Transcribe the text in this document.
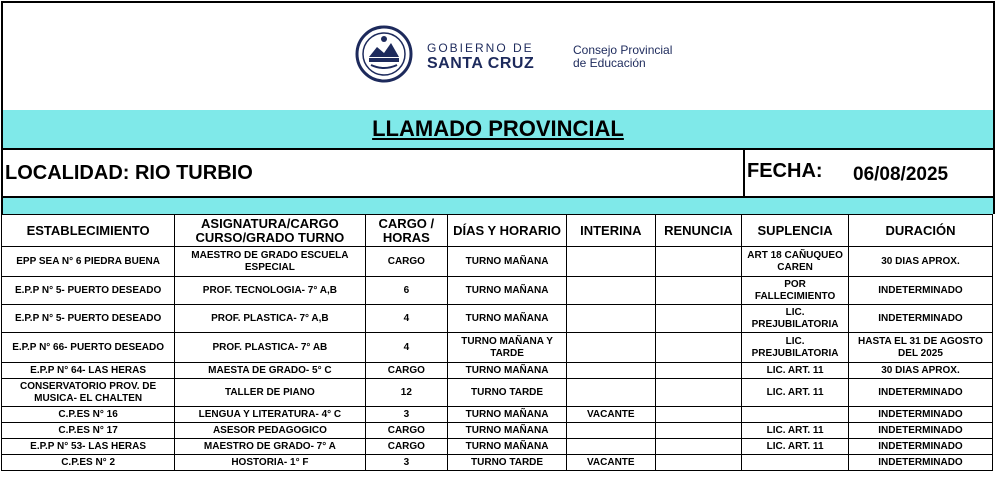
GOBIERNO DE
SANTA CRUZ
Consejo Provincial
de Educación
LLAMADO PROVINCIAL
LOCALIDAD: RIO TURBIO	FECHA: 06/08/2025
ESTABLECIMIENTO	ASIGNATURA/CARGO CURSO/GRADO TURNO	CARGO / HORAS	DÍAS Y HORARIO	INTERINA	RENUNCIA	SUPLENCIA	DURACIÓN
EPP SEA N° 6 PIEDRA BUENA	MAESTRO DE GRADO ESCUELA ESPECIAL	CARGO	TURNO MAÑANA			ART 18 CAÑUQUEO CAREN	30 DIAS APROX.
E.P.P N° 5- PUERTO DESEADO	PROF. TECNOLOGIA- 7° A,B	6	TURNO MAÑANA			POR FALLECIMIENTO	INDETERMINADO
E.P.P N° 5- PUERTO DESEADO	PROF. PLASTICA- 7° A,B	4	TURNO MAÑANA			LIC. PREJUBILATORIA	INDETERMINADO
E.P.P N° 66- PUERTO DESEADO	PROF. PLASTICA- 7° AB	4	TURNO MAÑANA Y TARDE			LIC. PREJUBILATORIA	HASTA EL 31 DE AGOSTO DEL 2025
E.P.P N° 64- LAS HERAS	MAESTA DE GRADO- 5° C	CARGO	TURNO MAÑANA			LIC. ART. 11	30 DIAS APROX.
CONSERVATORIO PROV. DE MUSICA- EL CHALTEN	TALLER DE PIANO	12	TURNO TARDE			LIC. ART. 11	INDETERMINADO
C.P.ES N° 16	LENGUA Y LITERATURA- 4° C	3	TURNO MAÑANA	VACANTE			INDETERMINADO
C.P.ES N° 17	ASESOR PEDAGOGICO	CARGO	TURNO MAÑANA			LIC. ART. 11	INDETERMINADO
E.P.P N° 53- LAS HERAS	MAESTRO DE GRADO- 7° A	CARGO	TURNO MAÑANA			LIC. ART. 11	INDETERMINADO
C.P.ES N° 2	HOSTORIA- 1° F	3	TURNO TARDE	VACANTE			INDETERMINADO
